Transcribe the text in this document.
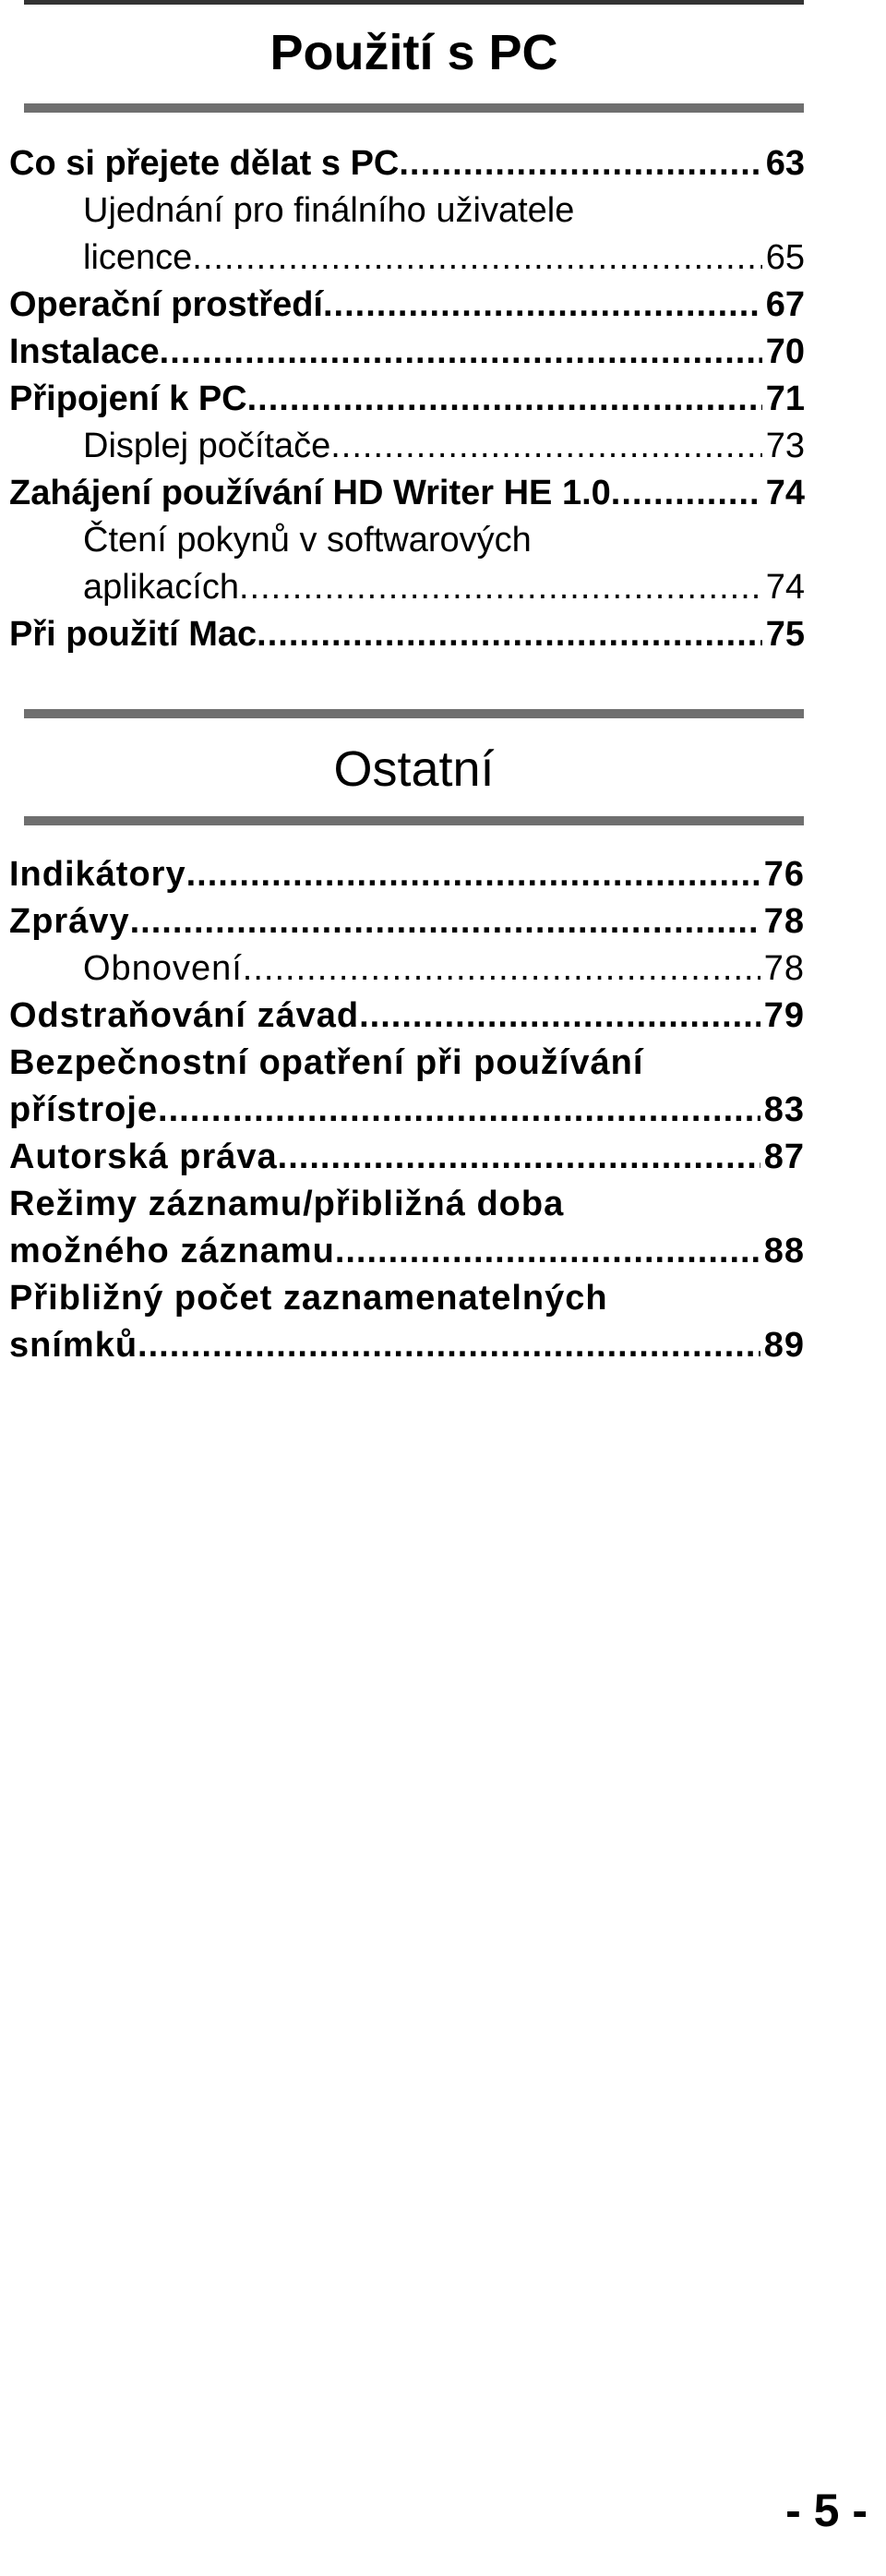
Použití s PC
Co si přejete dělat s PC .....	63
Ujednání pro finálního uživatele
licence .....	65
Operační prostředí .....	67
Instalace .....	70
Připojení k PC .....	71
Displej počítače .....	73
Zahájení používání HD Writer HE 1.0 .....	74
Čtení pokynů v softwarových
aplikacích .....	74
Při použití Mac .....	75
Ostatní
Indikátory .....	76
Zprávy .....	78
Obnovení .....	78
Odstraňování závad .....	79
Bezpečnostní opatření při používání
přístroje .....	83
Autorská práva .....	87
Režimy záznamu/přibližná doba
možného záznamu .....	88
Přibližný počet zaznamenatelných
snímků .....	89
- 5 -
